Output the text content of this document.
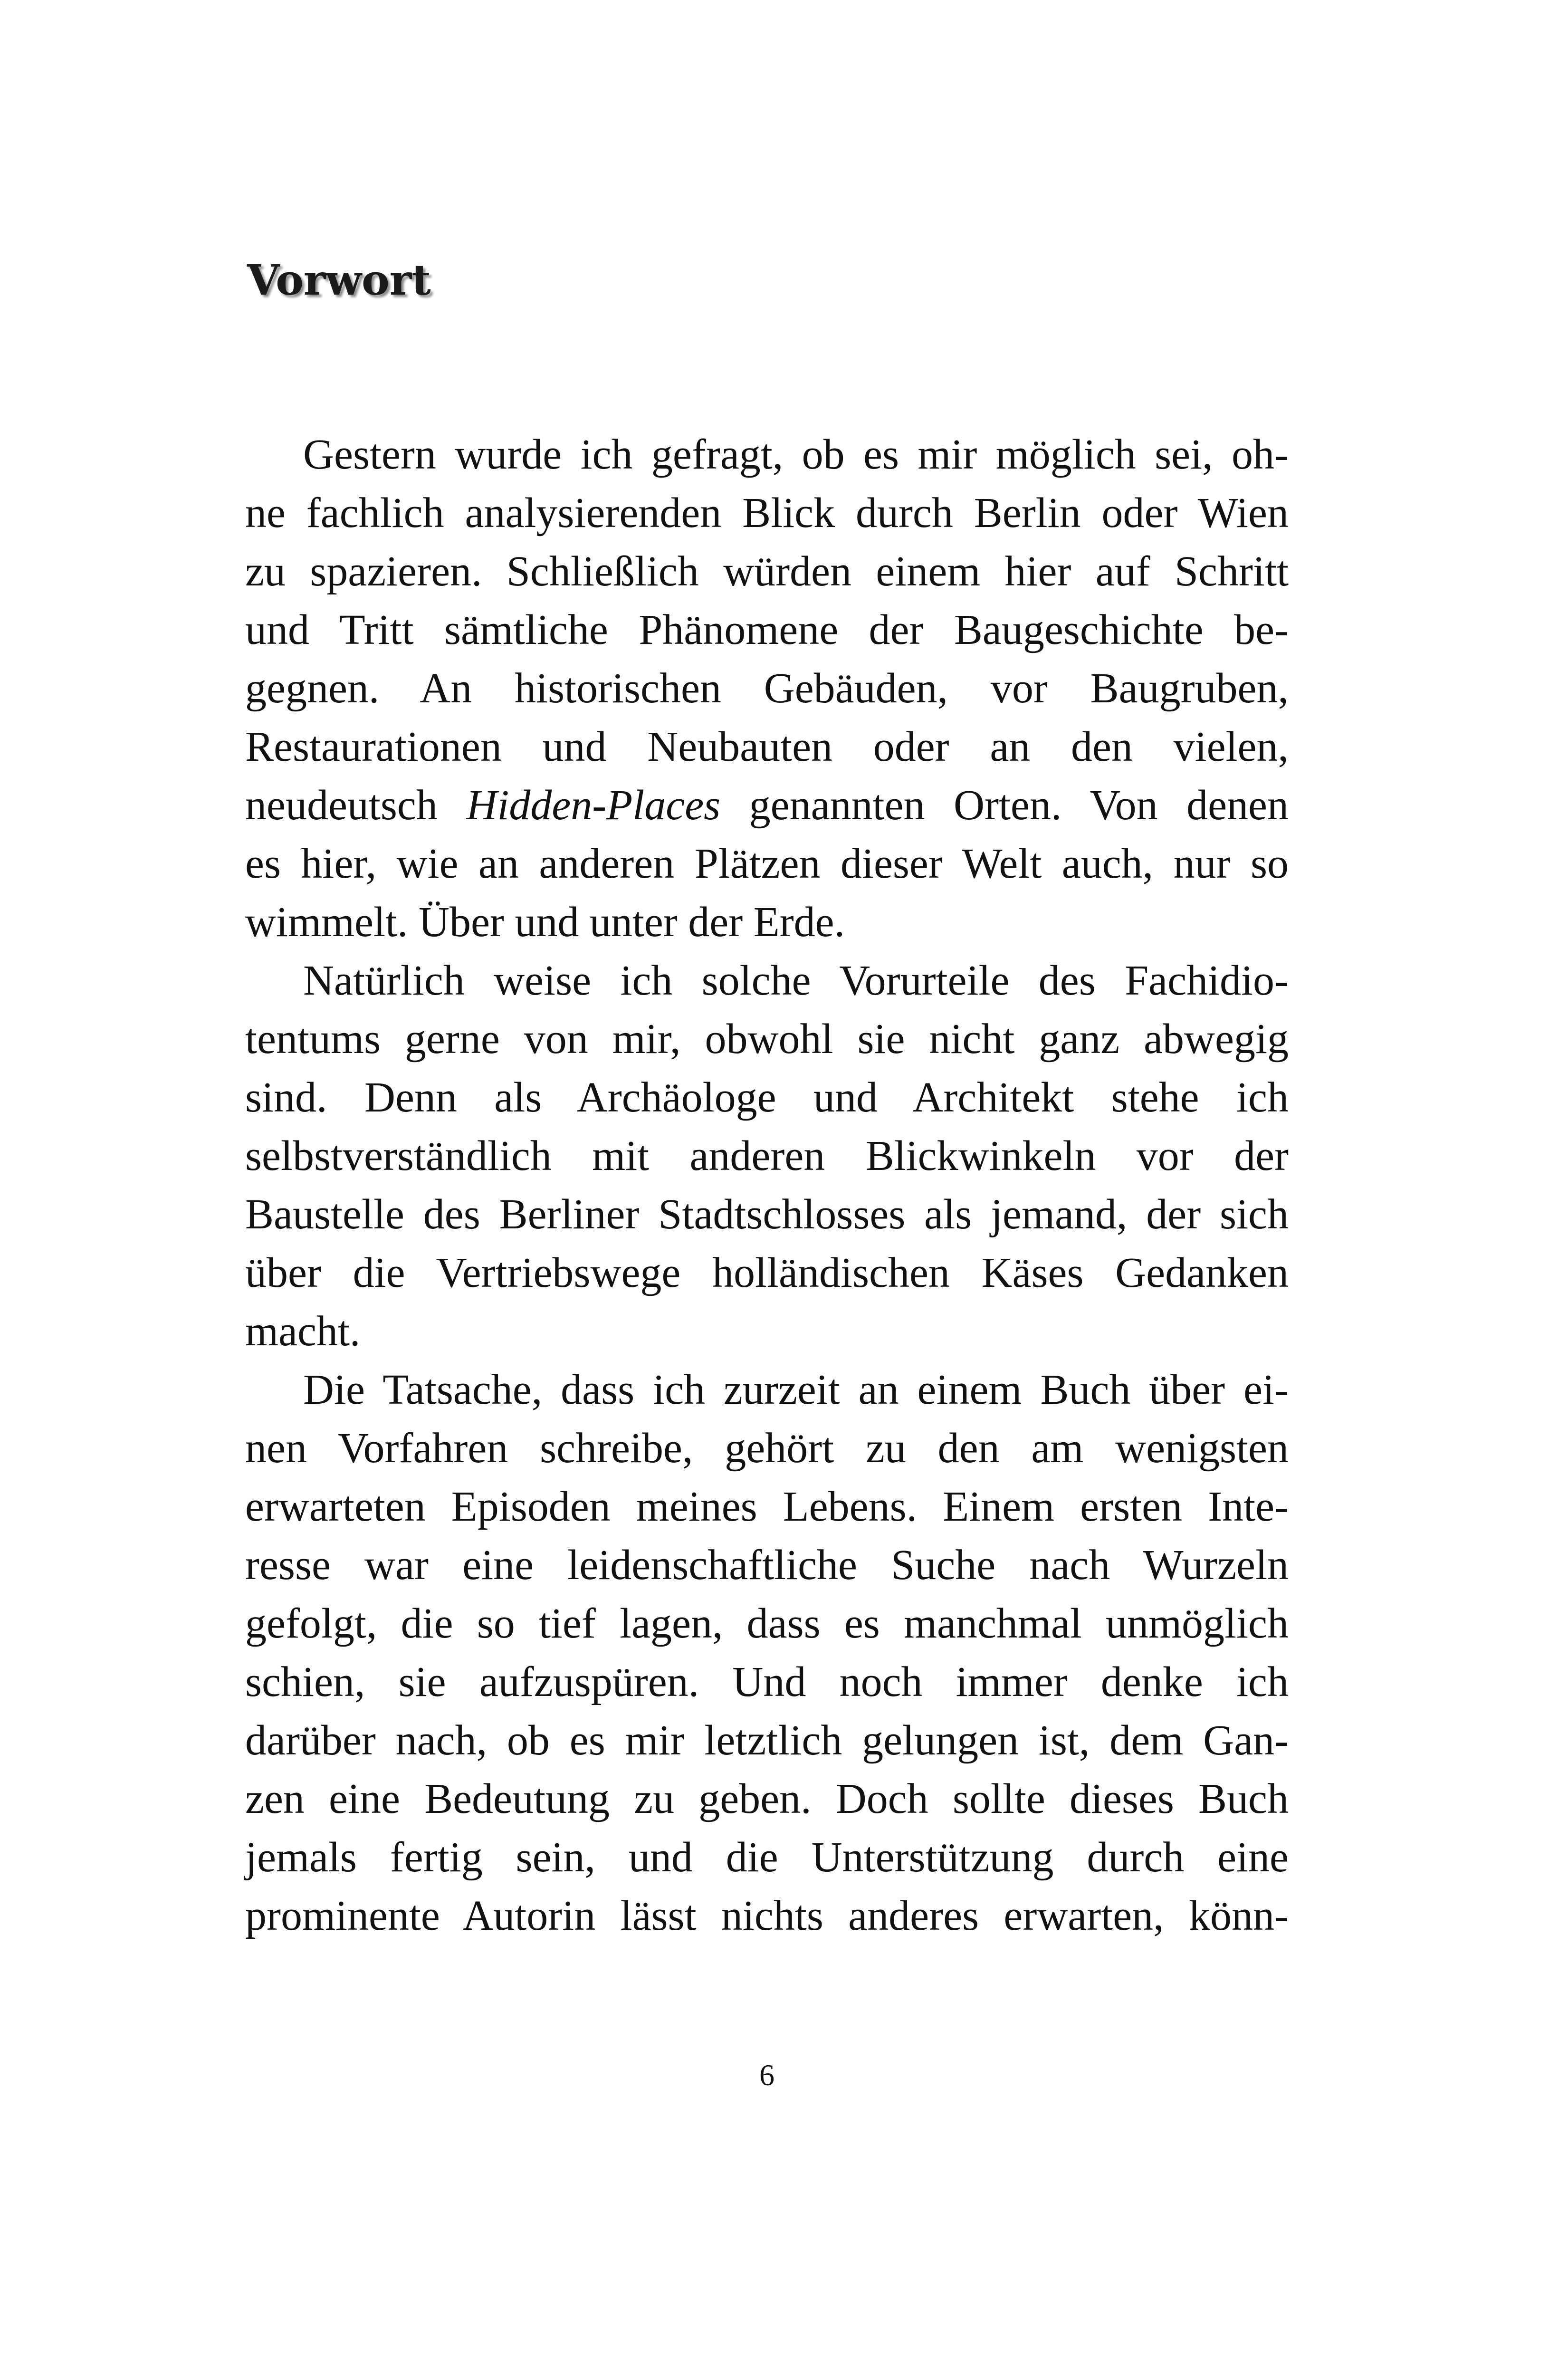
Vorwort
Gestern wurde ich gefragt, ob es mir möglich sei, oh-
ne fachlich analysierenden Blick durch Berlin oder Wien
zu spazieren. Schließlich würden einem hier auf Schritt
und Tritt sämtliche Phänomene der Baugeschichte be-
gegnen. An historischen Gebäuden, vor Baugruben,
Restaurationen und Neubauten oder an den vielen,
neudeutsch Hidden-Places genannten Orten. Von denen
es hier, wie an anderen Plätzen dieser Welt auch, nur so
wimmelt. Über und unter der Erde.
Natürlich weise ich solche Vorurteile des Fachidio-
tentums gerne von mir, obwohl sie nicht ganz abwegig
sind. Denn als Archäologe und Architekt stehe ich
selbstverständlich mit anderen Blickwinkeln vor der
Baustelle des Berliner Stadtschlosses als jemand, der sich
über die Vertriebswege holländischen Käses Gedanken
macht.
Die Tatsache, dass ich zurzeit an einem Buch über ei-
nen Vorfahren schreibe, gehört zu den am wenigsten
erwarteten Episoden meines Lebens. Einem ersten Inte-
resse war eine leidenschaftliche Suche nach Wurzeln
gefolgt, die so tief lagen, dass es manchmal unmöglich
schien, sie aufzuspüren. Und noch immer denke ich
darüber nach, ob es mir letztlich gelungen ist, dem Gan-
zen eine Bedeutung zu geben. Doch sollte dieses Buch
jemals fertig sein, und die Unterstützung durch eine
prominente Autorin lässt nichts anderes erwarten, könn-
6
